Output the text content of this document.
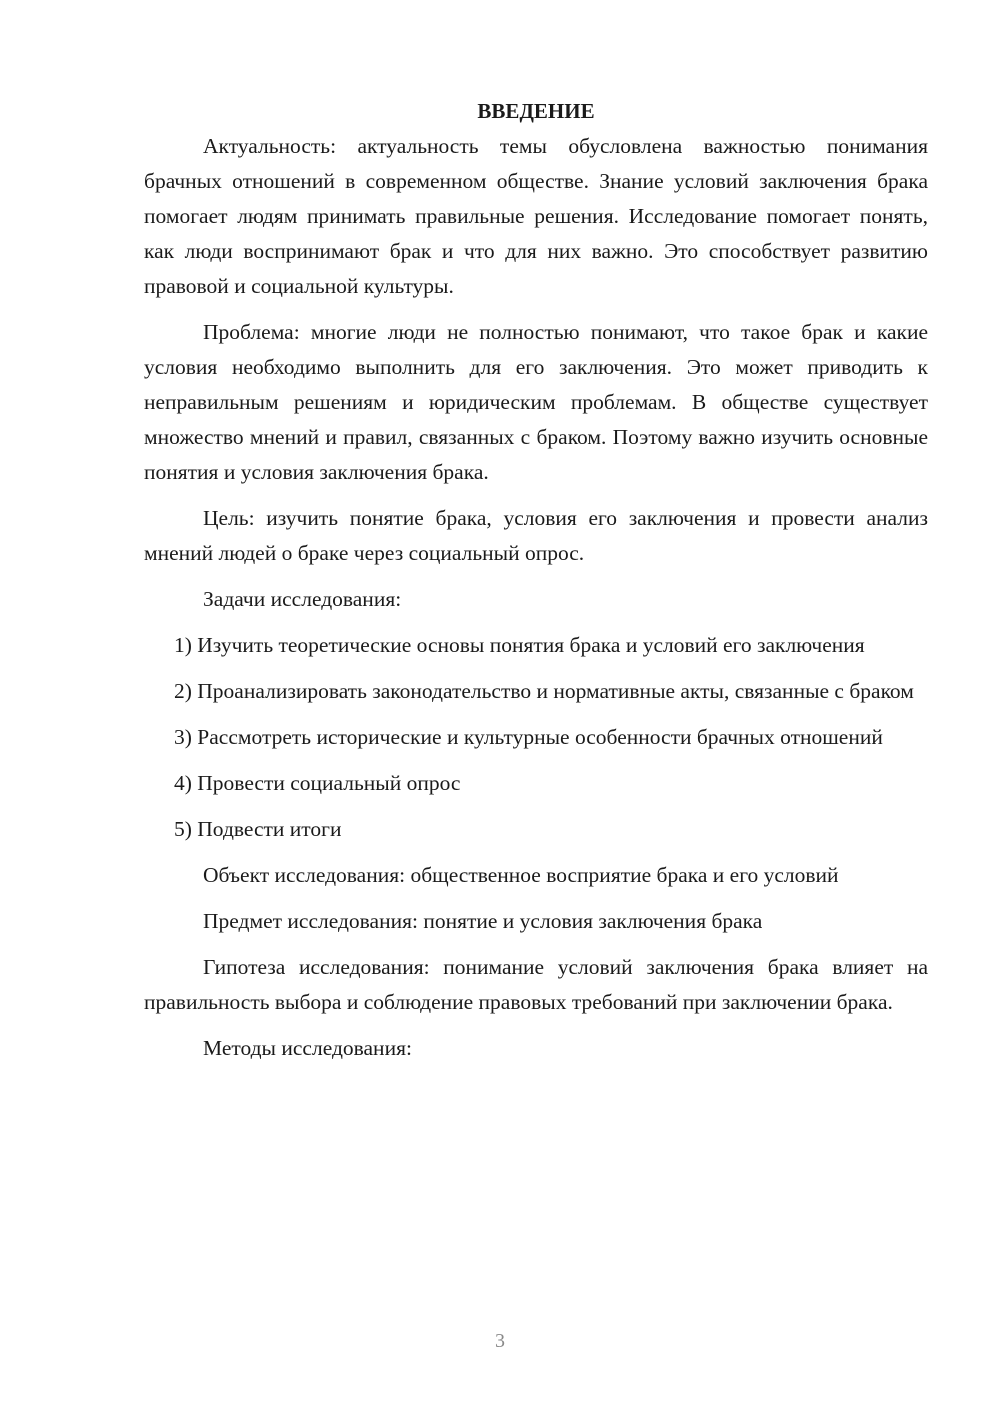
ВВЕДЕНИЕ

Актуальность: актуальность темы обусловлена важностью понимания брачных отношений в современном обществе. Знание условий заключения брака помогает людям принимать правильные решения. Исследование помогает понять, как люди воспринимают брак и что для них важно. Это способствует развитию правовой и социальной культуры.

Проблема: многие люди не полностью понимают, что такое брак и какие условия необходимо выполнить для его заключения. Это может приводить к неправильным решениям и юридическим проблемам. В обществе существует множество мнений и правил, связанных с браком. Поэтому важно изучить основные понятия и условия заключения брака.

Цель: изучить понятие брака, условия его заключения и провести анализ мнений людей о браке через социальный опрос.

Задачи исследования:

1) Изучить теоретические основы понятия брака и условий его заключения

2) Проанализировать законодательство и нормативные акты, связанные с браком

3) Рассмотреть исторические и культурные особенности брачных отношений

4) Провести социальный опрос

5) Подвести итоги

Объект исследования: общественное восприятие брака и его условий

Предмет исследования: понятие и условия заключения брака

Гипотеза исследования: понимание условий заключения брака влияет на правильность выбора и соблюдение правовых требований при заключении брака.

Методы исследования:

3
